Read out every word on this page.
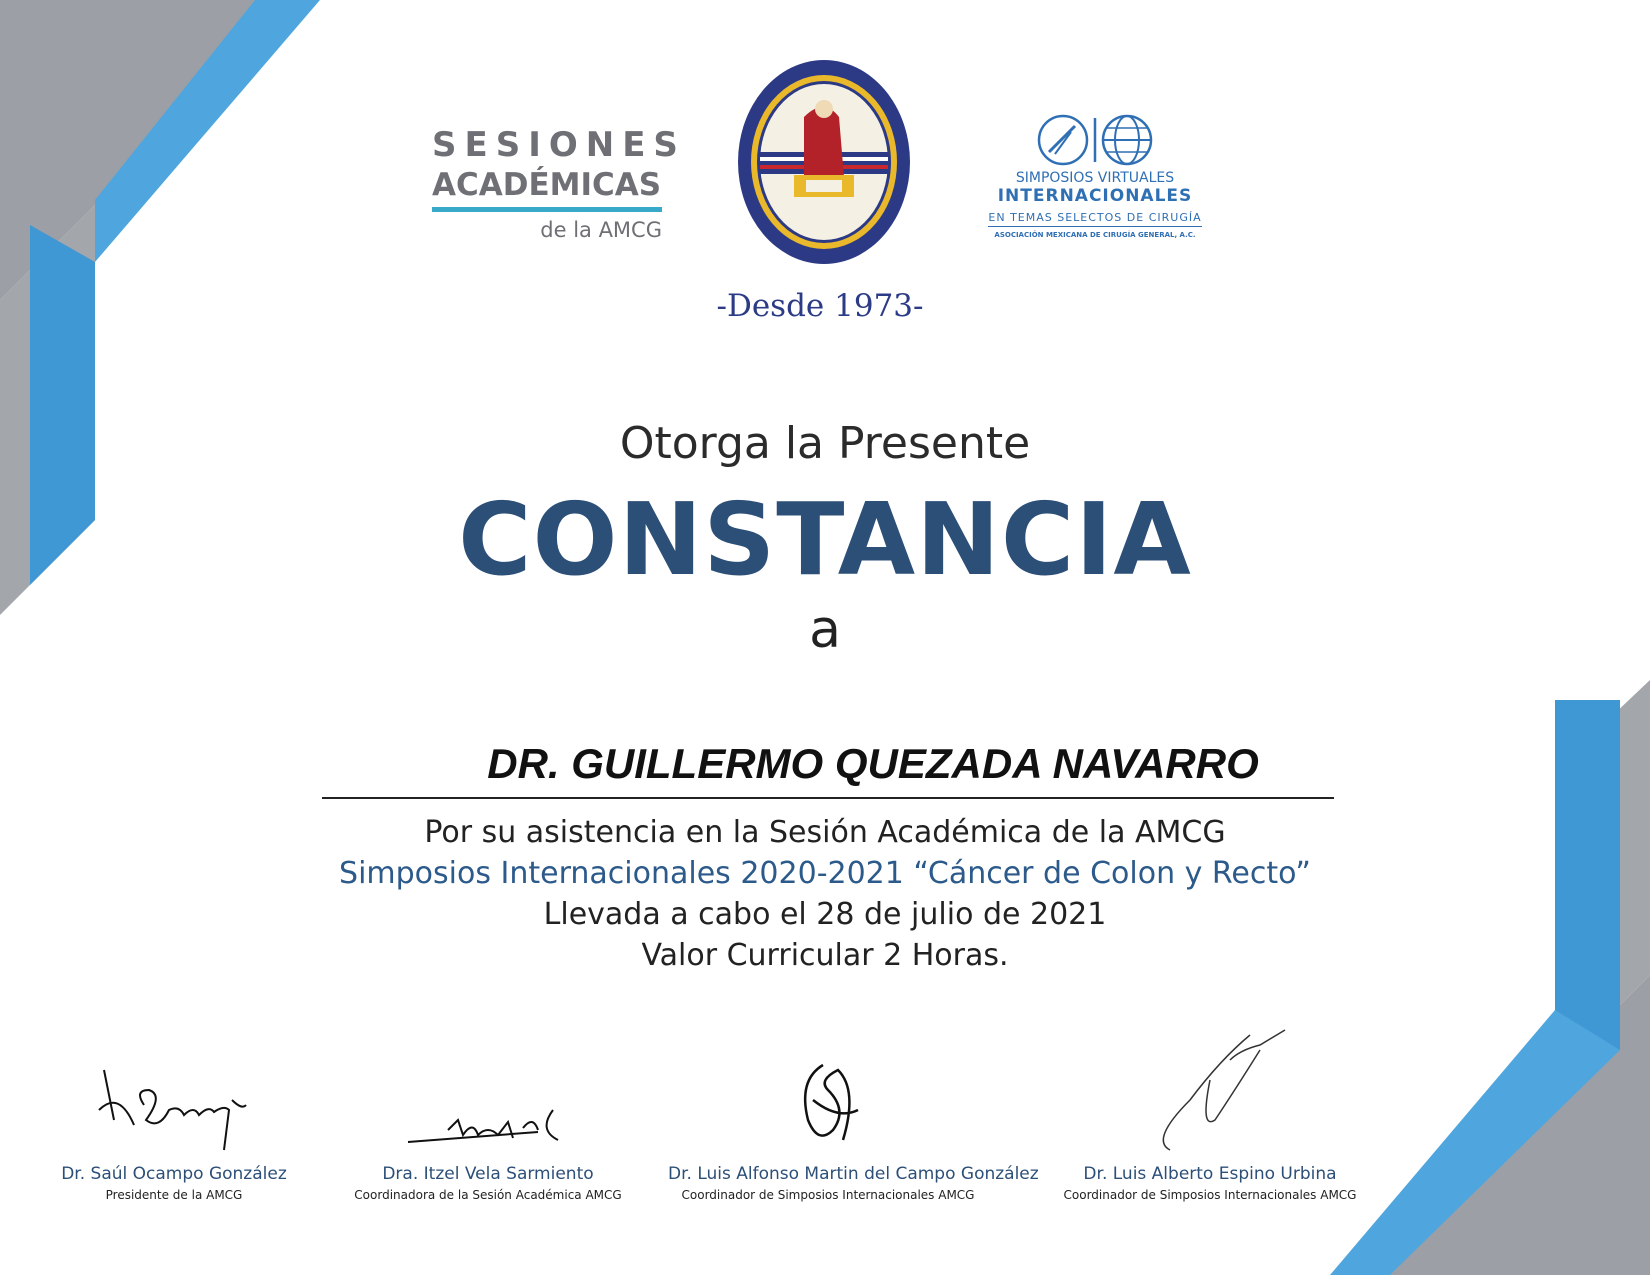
SESIONES
ACADÉMICAS
de la AMCG
-Desde 1973-
SIMPOSIOS VIRTUALES
INTERNACIONALES
EN TEMAS SELECTOS DE CIRUGÍA
ASOCIACIÓN MEXICANA DE CIRUGÍA GENERAL, A.C.
Otorga la Presente
CONSTANCIA
a
DR. GUILLERMO QUEZADA NAVARRO
Por su asistencia en la Sesión Académica de la AMCG
Simposios Internacionales 2020-2021 “Cáncer de Colon y Recto”
Llevada a cabo el 28 de julio de 2021
Valor Curricular 2 Horas.
Dr. Saúl Ocampo González
Presidente de la AMCG
Dra. Itzel Vela Sarmiento
Coordinadora de la Sesión Académica AMCG
Dr. Luis Alfonso Martin del Campo González
Coordinador de Simposios Internacionales AMCG
Dr. Luis Alberto Espino Urbina
Coordinador de Simposios Internacionales AMCG
